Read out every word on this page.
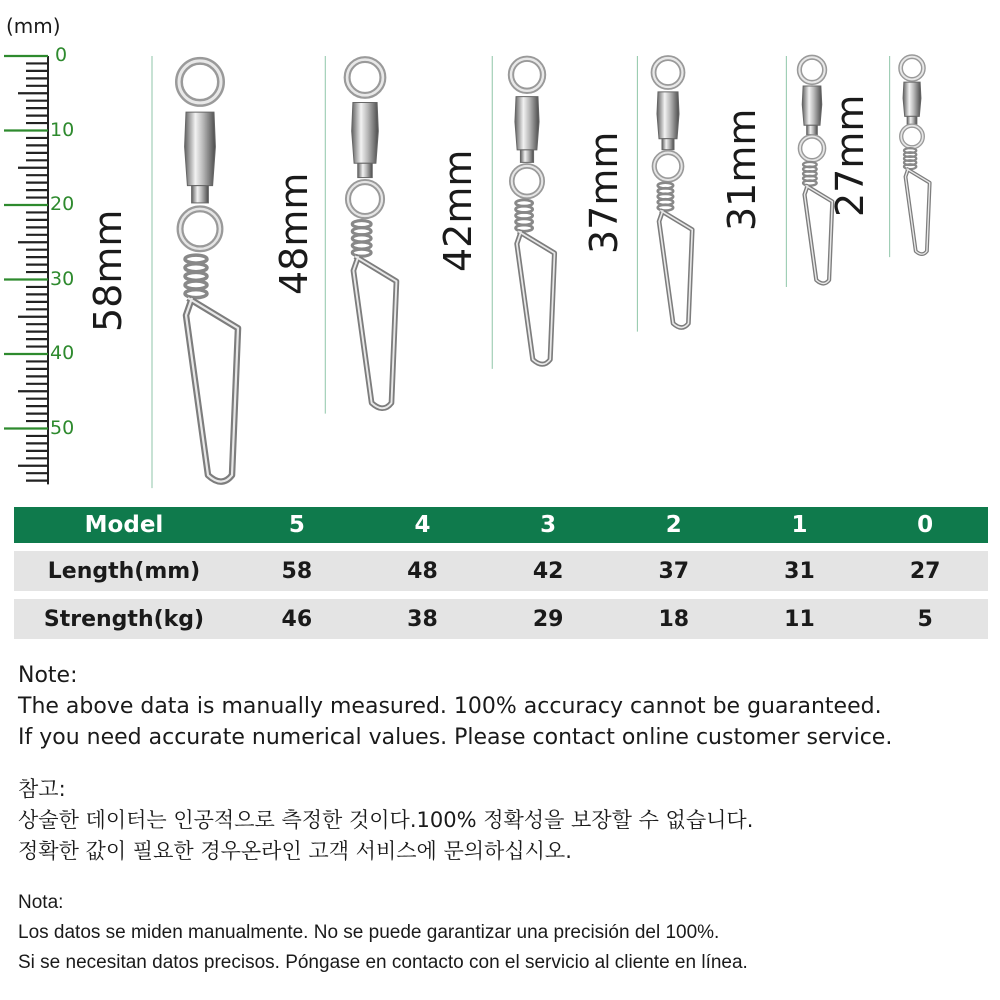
(mm)
0
10
20
30
40
50
58mm	48mm	42mm	37mm 31mm 27mm
Model	5	4	3	2	1	0
Length(mm)	58	48	42	37	31	27
Strength(kg)	46	38	29	18	11	5

Note:

The above data is manually measured. 100% accuracy cannot be guaranteed.

If you need accurate numerical values. Please contact online customer service.

참고:

상술한 데이터는 인공적으로 측정한 것이다.100% 정확성을 보장할 수 없습니다.

정확한 값이 필요한 경우온라인 고객 서비스에 문의하십시오.

Nota:

Los datos se miden manualmente. No se puede garantizar una precisión del 100%.

Si se necesitan datos precisos. Póngase en contacto con el servicio al cliente en línea.
